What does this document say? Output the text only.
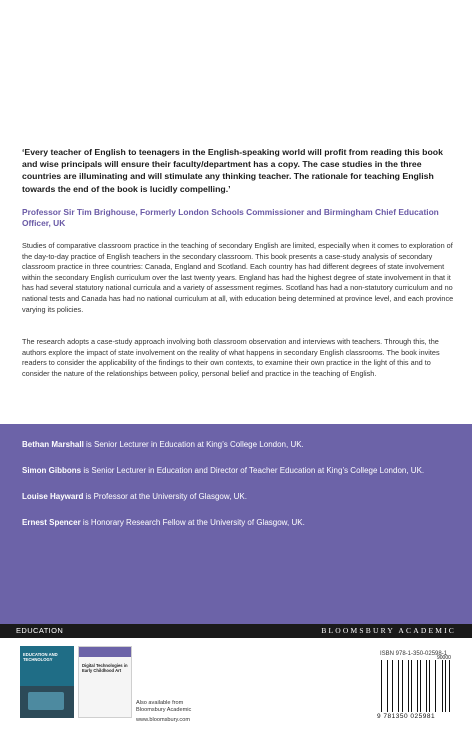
‘Every teacher of English to teenagers in the English-speaking world will profit from reading this book and wise principals will ensure their faculty/department has a copy. The case studies in the three countries are illuminating and will stimulate any thinking teacher. The rationale for teaching English towards the end of the book is lucidly compelling.’

Professor Sir Tim Brighouse, Formerly London Schools Commissioner and Birmingham Chief Education Officer, UK

Studies of comparative classroom practice in the teaching of secondary English are limited, especially when it comes to exploration of the day-to-day practice of English teachers in the secondary classroom. This book presents a case-study analysis of secondary classroom practice in three countries: Canada, England and Scotland. Each country has had different degrees of state involvement within the secondary English curriculum over the last twenty years. England has had the highest degree of state involvement in that it has had several statutory national curricula and a variety of assessment regimes. Scotland has had a non-statutory curriculum and no national tests and Canada has had no national curriculum at all, with education being determined at province level, and each province varying its policies.

The research adopts a case-study approach involving both classroom observation and interviews with teachers. Through this, the authors explore the impact of state involvement on the reality of what happens in secondary English classrooms. The book invites readers to consider the applicability of the findings to their own contexts, to examine their own practice in the light of this and to consider the nature of the relationships between policy, personal belief and practice in the teaching of English.

Bethan Marshall is Senior Lecturer in Education at King’s College London, UK.

Simon Gibbons is Senior Lecturer in Education and Director of Teacher Education at King’s College London, UK.

Louise Hayward is Professor at the University of Glasgow, UK.

Ernest Spencer is Honorary Research Fellow at the University of Glasgow, UK.

EDUCATION	BLOOMSBURY ACADEMIC
EDUCATION AND TECHNOLOGY
Digital Technologies in Early Childhood Art
Also available from Bloomsbury Academic
www.bloomsbury.com
ISBN 978-1-350-02598-1
90000
9 781350 025981
